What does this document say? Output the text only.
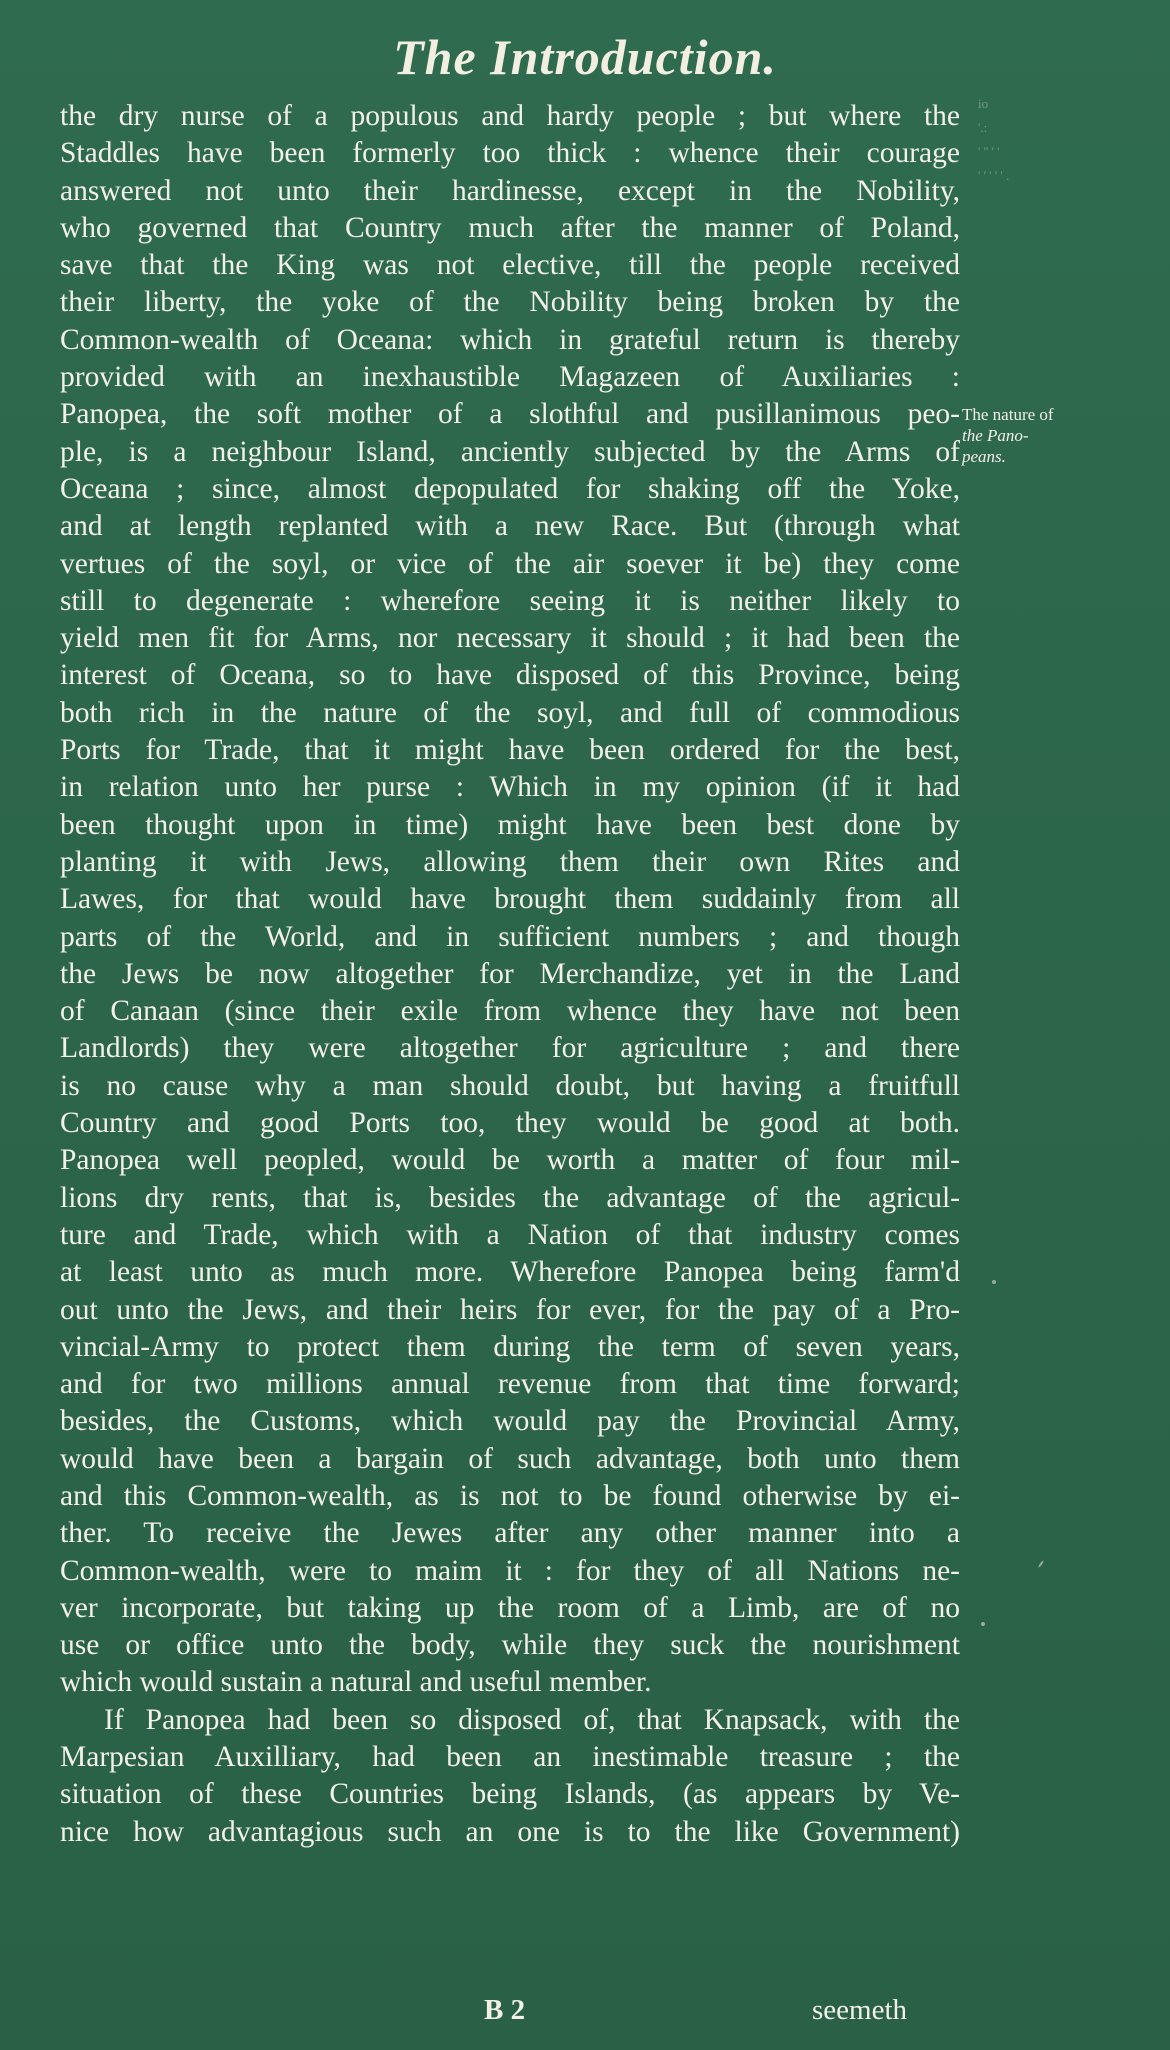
The Introduction.
io
'.:
' '' ' '
' ' ' ' ' .
the dry nurse of a populous and hardy people ; but where the
Staddles have been formerly too thick : whence their courage
answered not unto their hardinesse, except in the Nobility,
who governed that Country much after the manner of Poland,
save that the King was not elective, till the people received
their liberty, the yoke of the Nobility being broken by the
Common-wealth of Oceana: which in grateful return is thereby
provided with an inexhaustible Magazeen of Auxiliaries :
Panopea, the soft mother of a slothful and pusillanimous peo-
ple, is a neighbour Island, anciently subjected by the Arms of
Oceana ; since, almost depopulated for shaking off the Yoke,
and at length replanted with a new Race. But (through what
vertues of the soyl, or vice of the air soever it be) they come
still to degenerate : wherefore seeing it is neither likely to
yield men fit for Arms, nor necessary it should ; it had been the
interest of Oceana, so to have disposed of this Province, being
both rich in the nature of the soyl, and full of commodious
Ports for Trade, that it might have been ordered for the best,
in relation unto her purse : Which in my opinion (if it had
been thought upon in time) might have been best done by
planting it with Jews, allowing them their own Rites and
Lawes, for that would have brought them suddainly from all
parts of the World, and in sufficient numbers ; and though
the Jews be now altogether for Merchandize, yet in the Land
of Canaan (since their exile from whence they have not been
Landlords) they were altogether for agriculture ; and there
is no cause why a man should doubt, but having a fruitfull
Country and good Ports too, they would be good at both.
Panopea well peopled, would be worth a matter of four mil-
lions dry rents, that is, besides the advantage of the agricul-
ture and Trade, which with a Nation of that industry comes
at least unto as much more. Wherefore Panopea being farm'd
out unto the Jews, and their heirs for ever, for the pay of a Pro-
vincial-Army to protect them during the term of seven years,
and for two millions annual revenue from that time forward;
besides, the Customs, which would pay the Provincial Army,
would have been a bargain of such advantage, both unto them
and this Common-wealth, as is not to be found otherwise by ei-
ther. To receive the Jewes after any other manner into a
Common-wealth, were to maim it : for they of all Nations ne-
ver incorporate, but taking up the room of a Limb, are of no
use or office unto the body, while they suck the nourishment
which would sustain a natural and useful member.
If Panopea had been so disposed of, that Knapsack, with the
Marpesian Auxilliary, had been an inestimable treasure ; the
situation of these Countries being Islands, (as appears by Ve-
nice how advantagious such an one is to the like Government)
The nature of
the Pano-
peans.
B 2	seemeth
